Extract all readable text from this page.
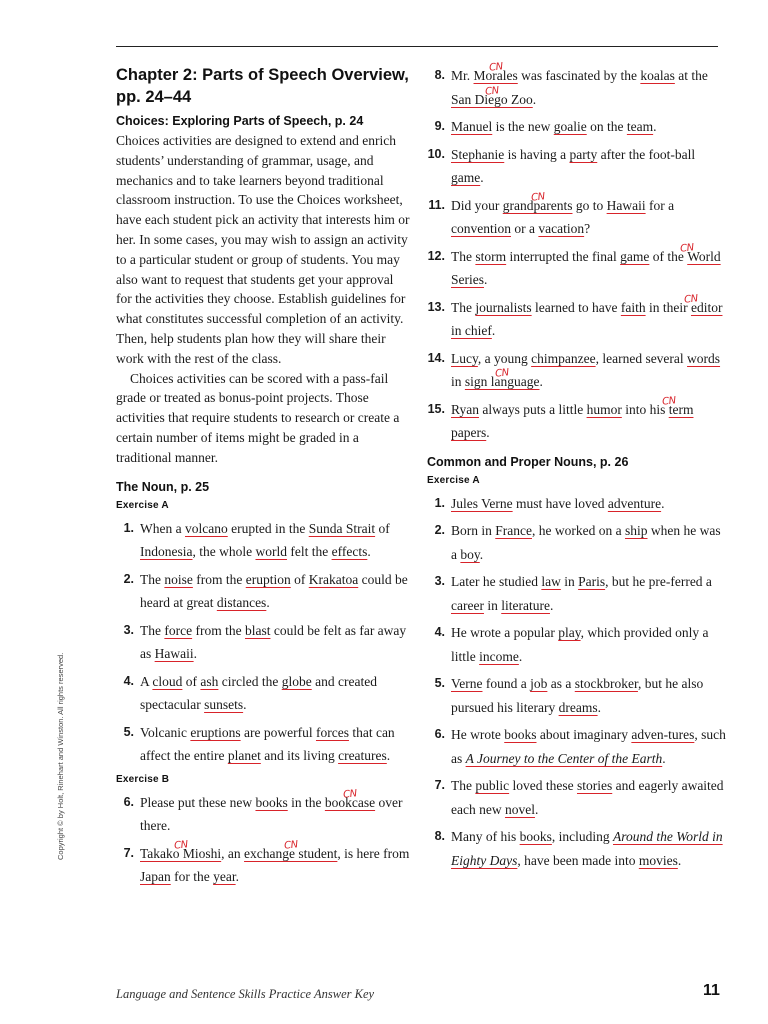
Chapter 2: Parts of Speech Overview, pp. 24–44
Choices: Exploring Parts of Speech, p. 24

Choices activities are designed to extend and enrich students’ understanding of grammar, usage, and mechanics and to take learners beyond traditional classroom instruction. To use the Choices worksheet, have each student pick an activity that interests him or her. In some cases, you may wish to assign an activity to a particular student or group of students. You may also want to request that students get your approval for the activities they choose. Establish guidelines for what constitutes successful completion of an activity. Then, help students plan how they will share their work with the rest of the class.

Choices activities can be scored with a pass-fail grade or treated as bonus-point projects. Those activities that require students to research or create a certain number of items might be graded in a traditional manner.

The Noun, p. 25
Exercise A
1. When a volcano erupted in the Sunda Strait of Indonesia, the whole world felt the effects.
2. The noise from the eruption of Krakatoa could be heard at great distances.
3. The force from the blast could be felt as far away as Hawaii.
4. A cloud of ash circled the globe and created spectacular sunsets.
5. Volcanic eruptions are powerful forces that can affect the entire planet and its living creatures.
Exercise B
6. Please put these new books in the CN bookcase over there.
7.
CN Takako Mioshi, an CN exchange student, is here from Japan for the year.
8. Mr. CN Morales was fascinated by the koalas at the CN San Diego Zoo.
9. Manuel is the new goalie on the team.
10. Stephanie is having a party after the foot-ball game.
11. Did your CN grandparents go to Hawaii for a convention or a vacation?
12. The storm interrupted the final game of the CN World Series.
13. The journalists learned to have faith in their CN editor in chief.
14. Lucy, a young chimpanzee, learned several words in CN sign language.
15. Ryan always puts a little humor into his CN term papers.
Common and Proper Nouns, p. 26
Exercise A
1. Jules Verne must have loved adventure.
2. Born in France, he worked on a ship when he was a boy.
3. Later he studied law in Paris, but he pre-ferred a career in literature.
4. He wrote a popular play, which provided only a little income.
5. Verne found a job as a stockbroker, but he also pursued his literary dreams.
6. He wrote books about imaginary adven-tures, such as A Journey to the Center of the Earth.
7. The public loved these stories and eagerly awaited each new novel.
8. Many of his books, including Around the World in Eighty Days, have been made into movies.
Copyright © by Holt, Rinehart and Winston. All rights reserved.
Language and Sentence Skills Practice Answer Key	11
